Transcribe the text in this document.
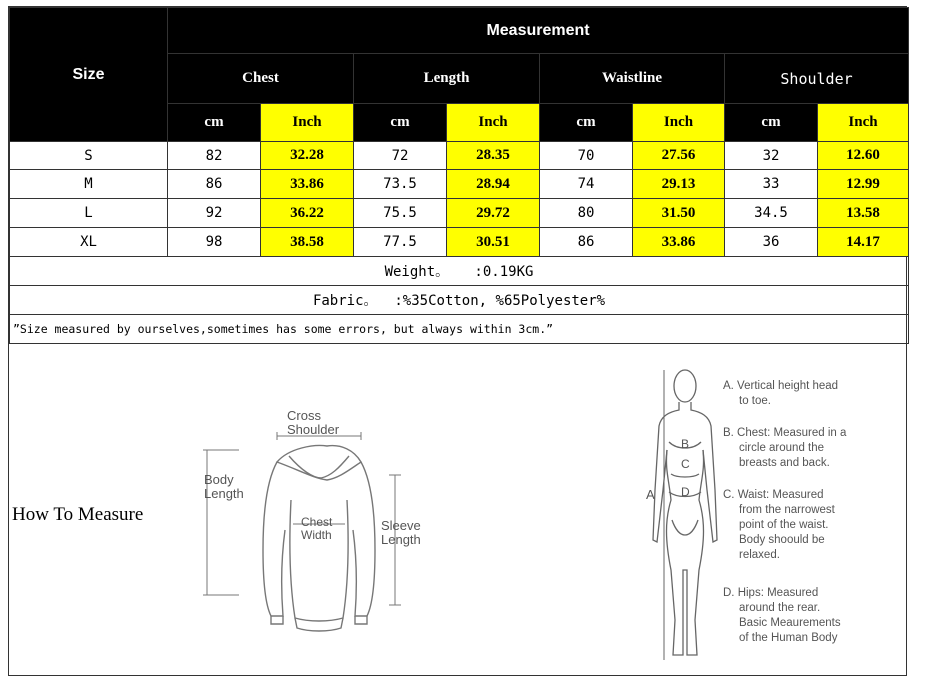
Size	Measurement							
	Chest		Length		Waistline		Shoulder	
	cm	Inch	cm	Inch	cm	Inch	cm	Inch
S	82	32.28	72	28.35	70	27.56	32	12.60
M	86	33.86	73.5	28.94	74	29.13	33	12.99
L	92	36.22	75.5	29.72	80	31.50	34.5	13.58
XL	98	38.58	77.5	30.51	86	33.86	36	14.17
Weight。   :0.19KG								
Fabric。  :%35Cotton, %65Polyester%								
”Size measured by ourselves,sometimes has some errors, but always within 3cm.”								
How To Measure
Cross Shoulder
Body Length
Chest Width
Sleeve Length
A
B
C
D
A. Vertical height head to toe.
B. Chest: Measured in a circle around the breasts and back.
C. Waist: Measured from the narrowest point of the waist. Body shoould be relaxed.
D. Hips: Measured around the rear. Basic Meaurements of the Human Body
